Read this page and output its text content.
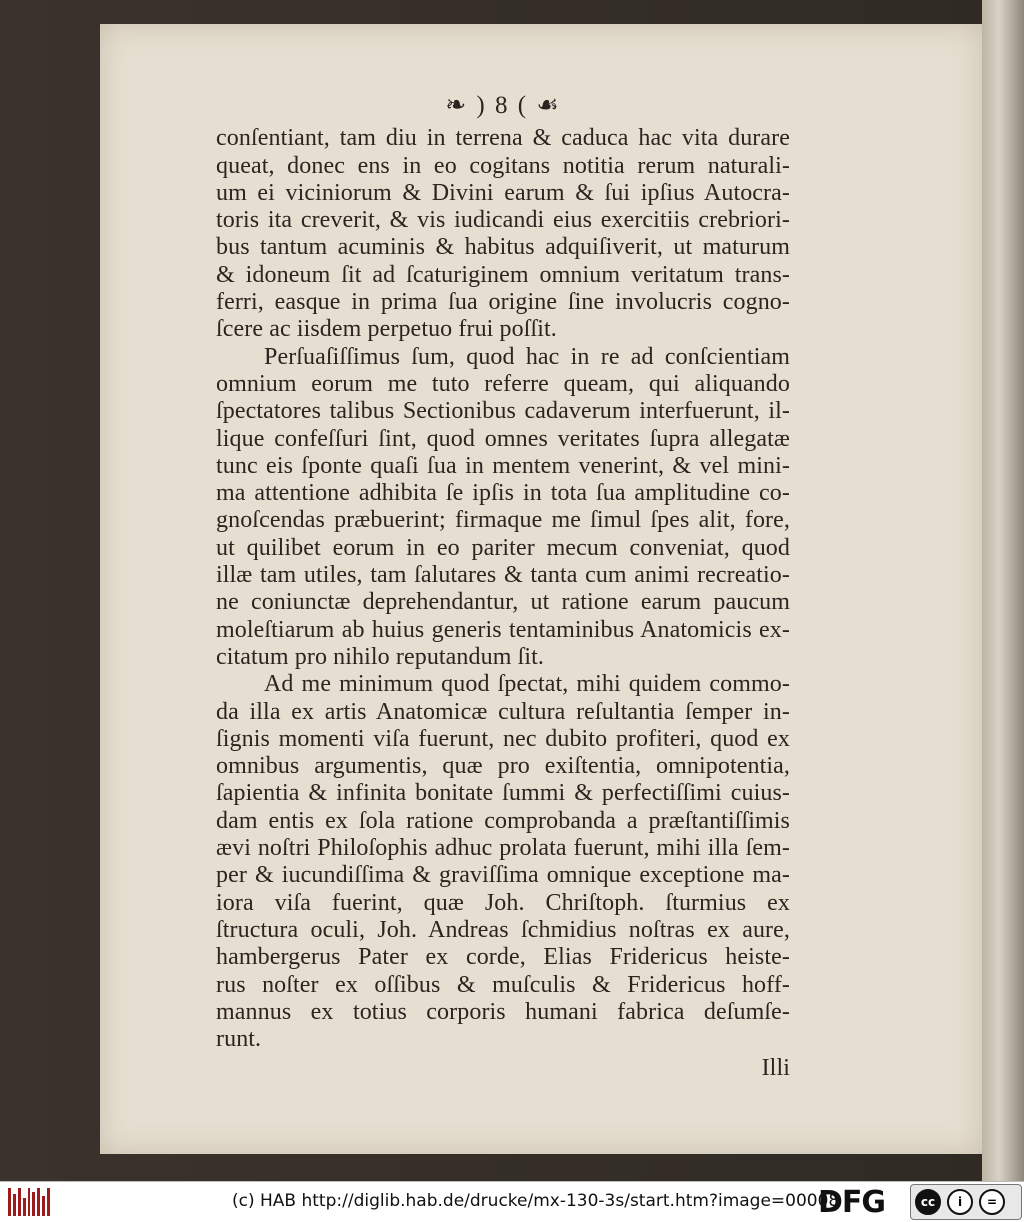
❧ ) 8 ( ☙
conſentiant, tam diu in terrena & caduca hac vita durare
queat, donec ens in eo cogitans notitia rerum naturali-
um ei viciniorum & Divini earum & ſui ipſius Autocra-
toris ita creverit, & vis iudicandi eius exercitiis crebriori-
bus tantum acuminis & habitus adquiſiverit, ut maturum
& idoneum ſit ad ſcaturiginem omnium veritatum trans-
ferri, easque in prima ſua origine ſine involucris cogno-
ſcere ac iisdem perpetuo frui poſſit.
Perſuaſiſſimus ſum, quod hac in re ad conſcientiam
omnium eorum me tuto referre queam, qui aliquando
ſpectatores talibus Sectionibus cadaverum interfuerunt, il-
lique confeſſuri ſint, quod omnes veritates ſupra allegatæ
tunc eis ſponte quaſi ſua in mentem venerint, & vel mini-
ma attentione adhibita ſe ipſis in tota ſua amplitudine co-
gnoſcendas præbuerint; firmaque me ſimul ſpes alit, fore,
ut quilibet eorum in eo pariter mecum conveniat, quod
illæ tam utiles, tam ſalutares & tanta cum animi recreatio-
ne coniunctæ deprehendantur, ut ratione earum paucum
moleſtiarum ab huius generis tentaminibus Anatomicis ex-
citatum pro nihilo reputandum ſit.
Ad me minimum quod ſpectat, mihi quidem commo-
da illa ex artis Anatomicæ cultura reſultantia ſemper in-
ſignis momenti viſa fuerunt, nec dubito profiteri, quod ex
omnibus argumentis, quæ pro exiſtentia, omnipotentia,
ſapientia & infinita bonitate ſummi & perfectiſſimi cuius-
dam entis ex ſola ratione comprobanda a præſtantiſſimis
ævi noſtri Philoſophis adhuc prolata fuerunt, mihi illa ſem-
per & iucundiſſima & graviſſima omnique exceptione ma-
iora viſa fuerint, quæ Joh. Chriſtoph. ſturmius ex
ſtructura oculi, Joh. Andreas ſchmidius noſtras ex aure,
hambergerus Pater ex corde, Elias Fridericus heiste-
rus noſter ex oſſibus & muſculis & Fridericus hoff-
mannus ex totius corporis humani fabrica deſumſe-
runt.
Illi
(c) HAB http://diglib.hab.de/drucke/mx-130-3s/start.htm?image=00008
DFG	cc	i	=
